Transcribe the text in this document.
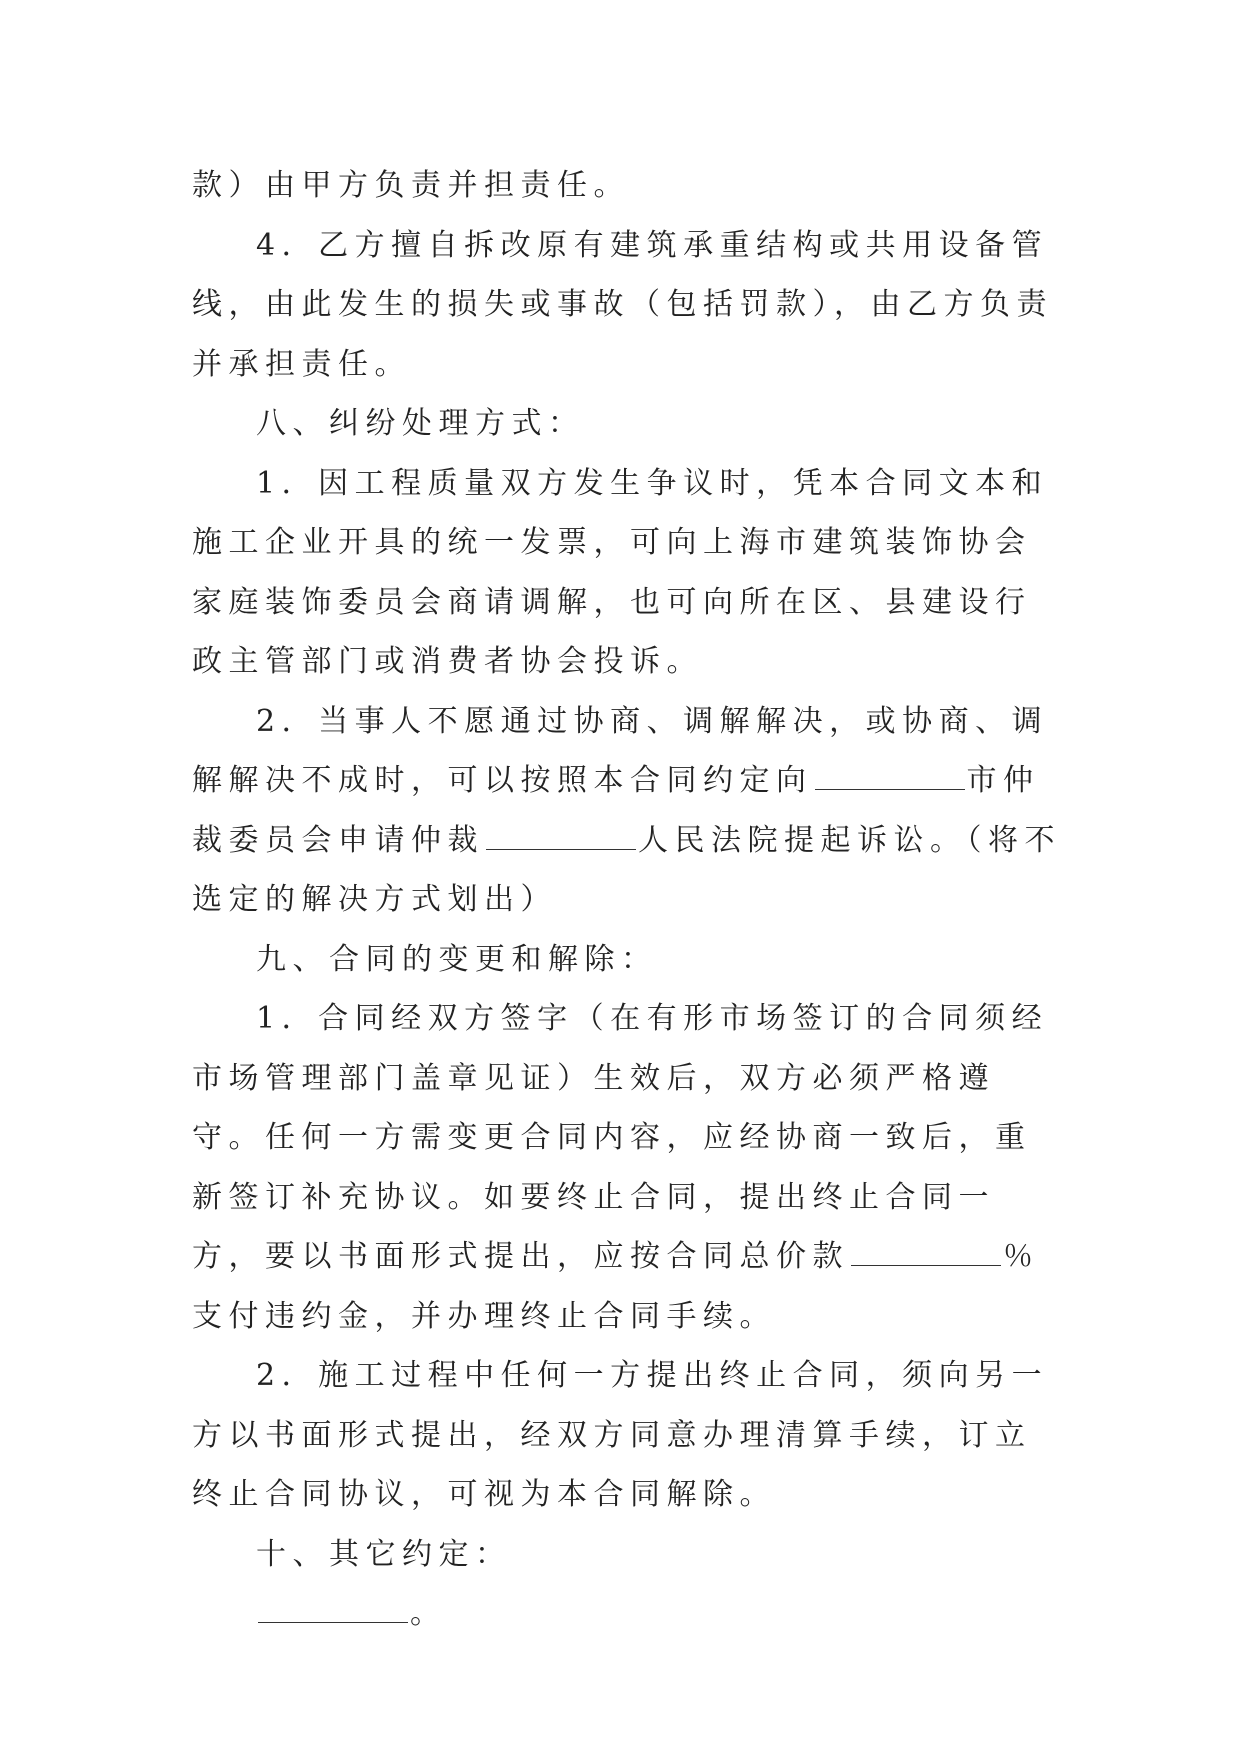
款）由甲方负责并担责任。

4．乙方擅自拆改原有建筑承重结构或共用设备管线，由此发生的损失或事故（包括罚款），由乙方负责并承担责任。

八、纠纷处理方式：

1．因工程质量双方发生争议时，凭本合同文本和施工企业开具的统一发票，可向上海市建筑装饰协会家庭装饰委员会商请调解，也可向所在区、县建设行政主管部门或消费者协会投诉。

2．当事人不愿通过协商、调解解决，或协商、调解解决不成时，可以按照本合同约定向	市仲裁委员会申请仲裁	人民法院提起诉讼。（将不选定的解决方式划出）

九、合同的变更和解除：

1．合同经双方签字（在有形市场签订的合同须经市场管理部门盖章见证）生效后，双方必须严格遵守。任何一方需变更合同内容，应经协商一致后，重新签订补充协议。如要终止合同，提出终止合同一方，要以书面形式提出，应按合同总价款	％支付违约金，并办理终止合同手续。

2．施工过程中任何一方提出终止合同，须向另一方以书面形式提出，经双方同意办理清算手续，订立终止合同协议，可视为本合同解除。

十、其它约定：

。
